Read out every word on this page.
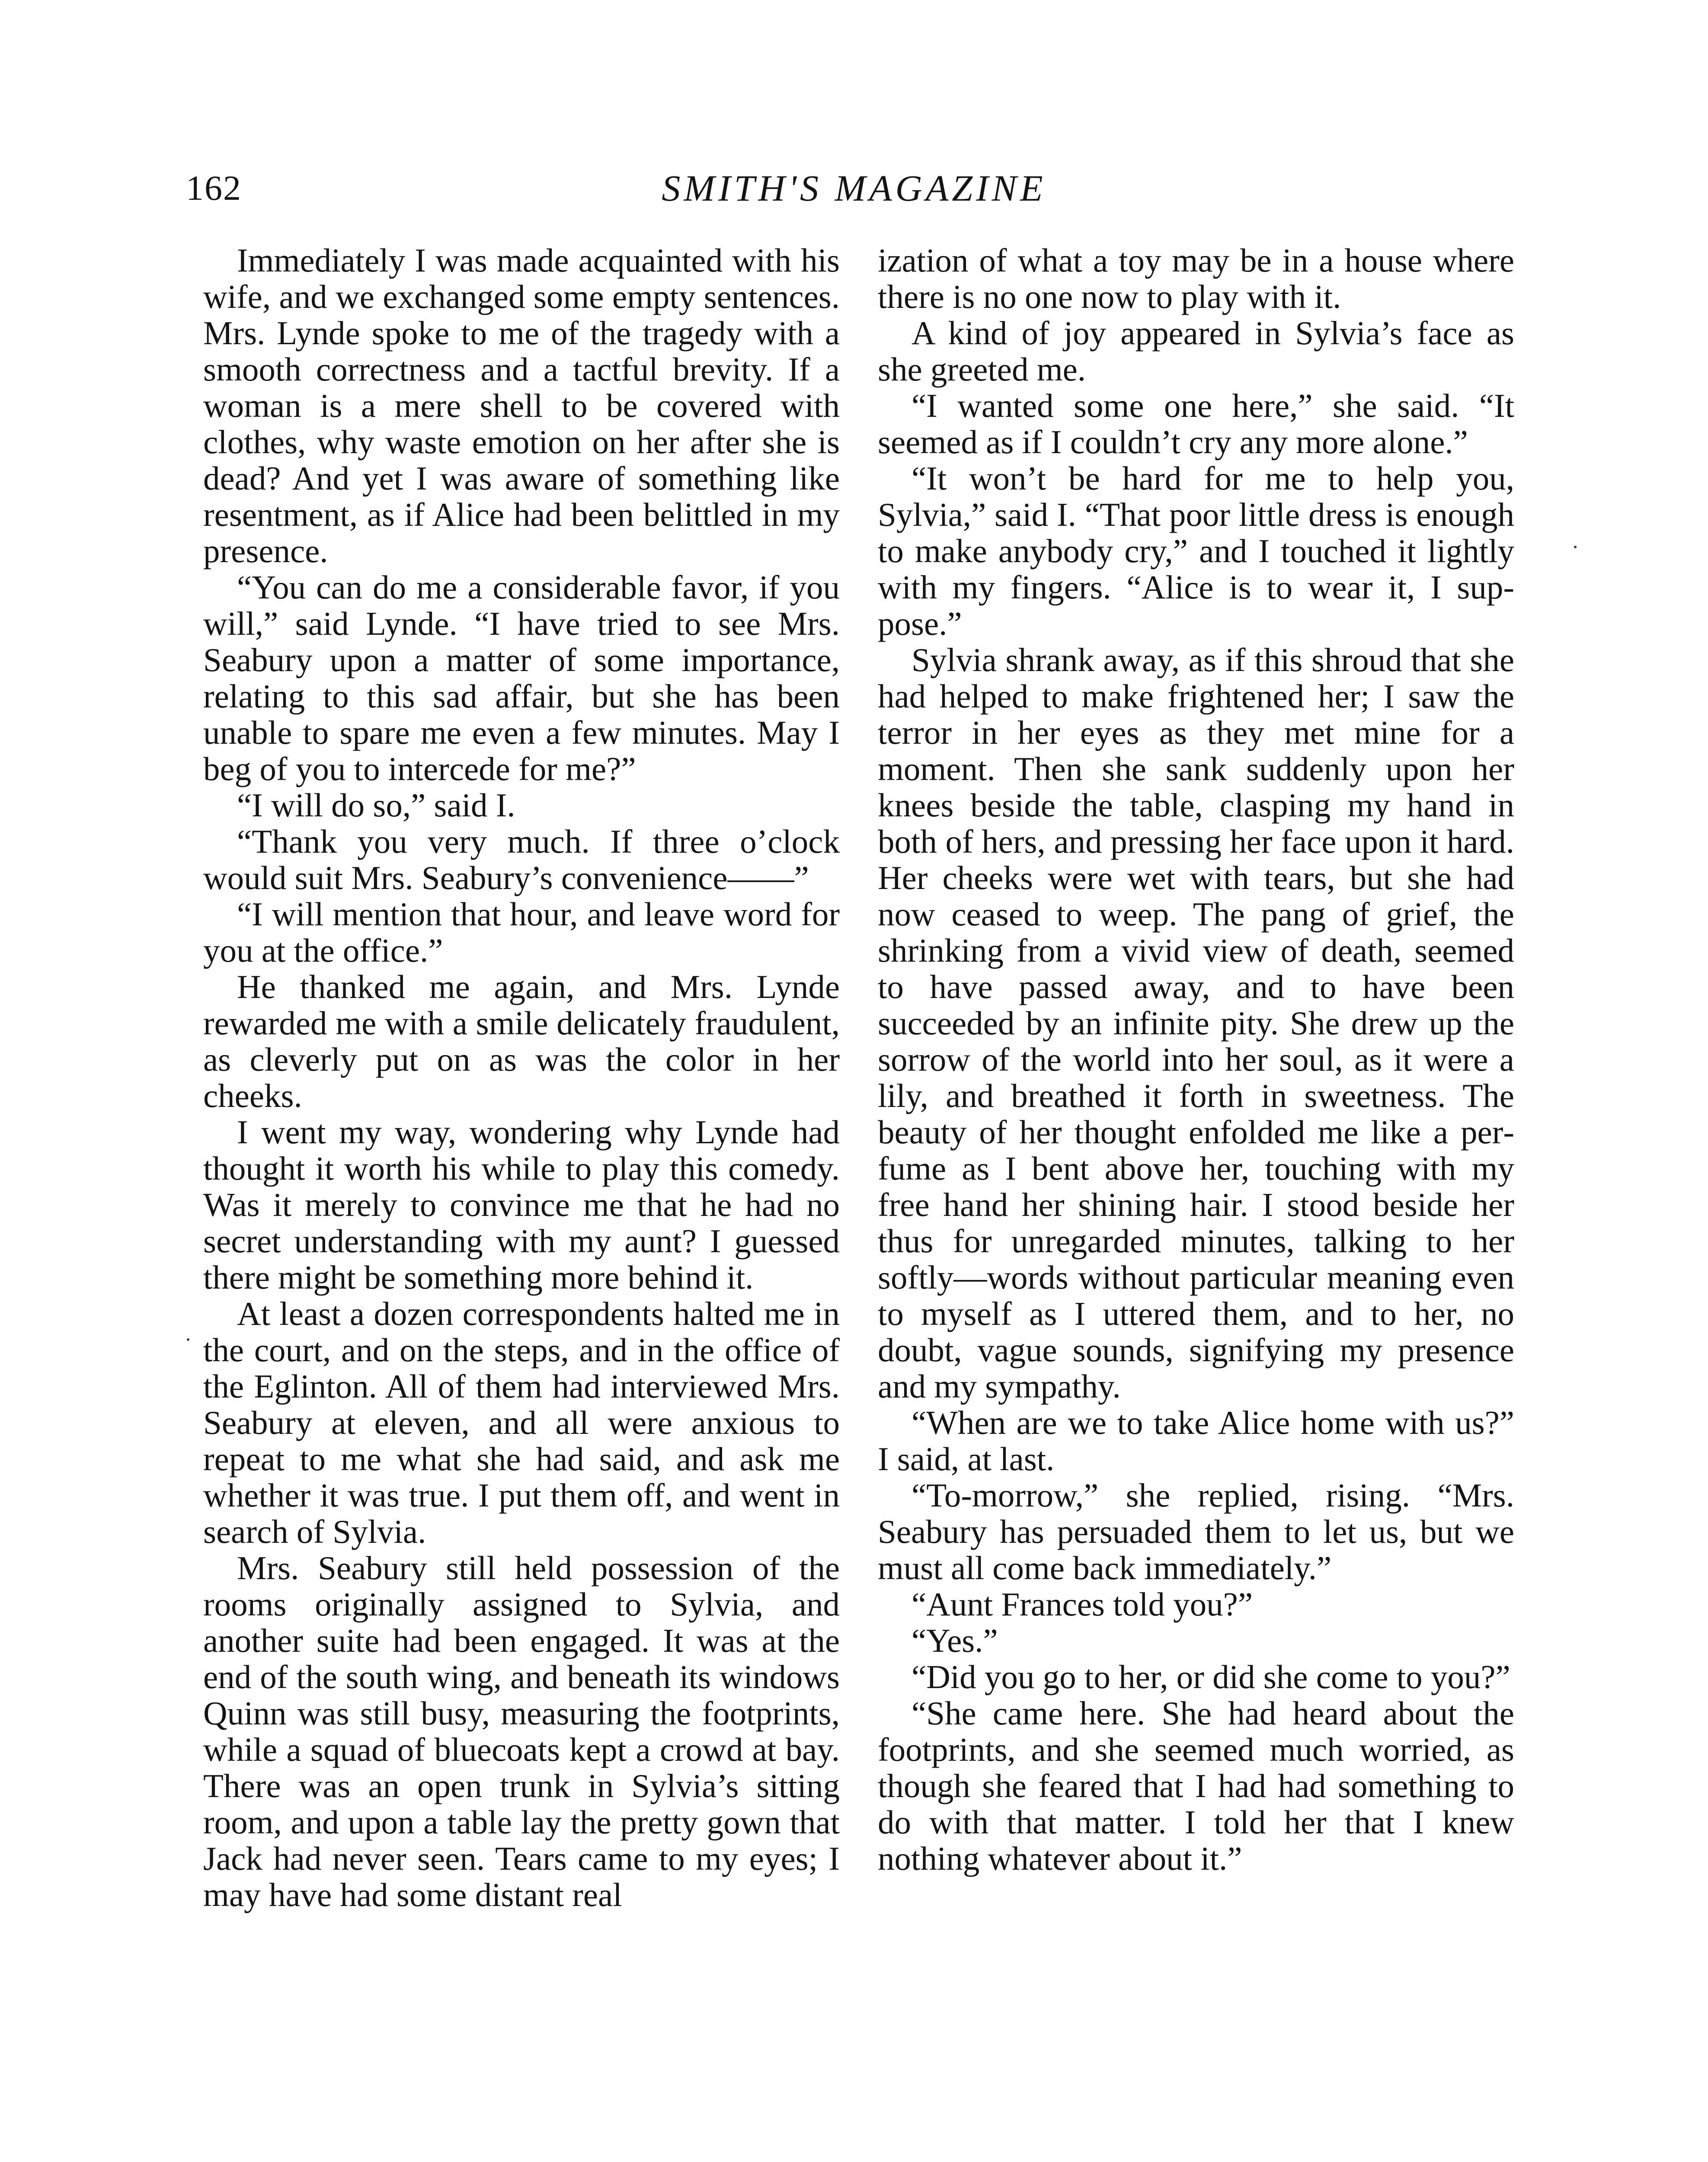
162	SMITH'S MAGAZINE

Immediately I was made acquainted with his wife, and we exchanged some empty sentences. Mrs. Lynde spoke to me of the tragedy with a smooth correctness and a tactful brevity. If a woman is a mere shell to be covered with clothes, why waste emotion on her after she is dead? And yet I was aware of something like resentment, as if Alice had been belittled in my presence.

“You can do me a considerable favor, if you will,” said Lynde. “I have tried to see Mrs. Seabury upon a matter of some importance, relating to this sad affair, but she has been unable to spare me even a few minutes. May I beg of you to intercede for me?”

“I will do so,” said I.

“Thank you very much. If three o’clock would suit Mrs. Seabury’s convenience——”

“I will mention that hour, and leave word for you at the office.”

He thanked me again, and Mrs. Lynde rewarded me with a smile delicately fraudulent, as cleverly put on as was the color in her cheeks.

I went my way, wondering why Lynde had thought it worth his while to play this comedy. Was it merely to convince me that he had no secret understanding with my aunt? I guessed there might be something more behind it.

At least a dozen correspondents halted me in the court, and on the steps, and in the office of the Eglinton. All of them had interviewed Mrs. Seabury at eleven, and all were anxious to repeat to me what she had said, and ask me whether it was true. I put them off, and went in search of Sylvia.

Mrs. Seabury still held possession of the rooms originally assigned to Sylvia, and another suite had been engaged. It was at the end of the south wing, and beneath its windows Quinn was still busy, measuring the footprints, while a squad of bluecoats kept a crowd at bay. There was an open trunk in Sylvia’s sitting room, and upon a table lay the pretty gown that Jack had never seen. Tears came to my eyes; I may have had some distant real

ization of what a toy may be in a house where there is no one now to play with it.

A kind of joy appeared in Sylvia’s face as she greeted me.

“I wanted some one here,” she said. “It seemed as if I couldn’t cry any more alone.”

“It won’t be hard for me to help you, Sylvia,” said I. “That poor little dress is enough to make anybody cry,” and I touched it lightly with my fingers. “Alice is to wear it, I suppose.”

Sylvia shrank away, as if this shroud that she had helped to make frightened her; I saw the terror in her eyes as they met mine for a moment. Then she sank suddenly upon her knees beside the table, clasping my hand in both of hers, and pressing her face upon it hard. Her cheeks were wet with tears, but she had now ceased to weep. The pang of grief, the shrinking from a vivid view of death, seemed to have passed away, and to have been succeeded by an infinite pity. She drew up the sorrow of the world into her soul, as it were a lily, and breathed it forth in sweetness. The beauty of her thought enfolded me like a perfume as I bent above her, touching with my free hand her shining hair. I stood beside her thus for unregarded minutes, talking to her softly—words without particular meaning even to myself as I uttered them, and to her, no doubt, vague sounds, signifying my presence and my sympathy.

“When are we to take Alice home with us?” I said, at last.

“To-morrow,” she replied, rising. “Mrs. Seabury has persuaded them to let us, but we must all come back immediately.”

“Aunt Frances told you?”

“Yes.”

“Did you go to her, or did she come to you?”

“She came here. She had heard about the footprints, and she seemed much worried, as though she feared that I had had something to do with that matter. I told her that I knew nothing whatever about it.”
